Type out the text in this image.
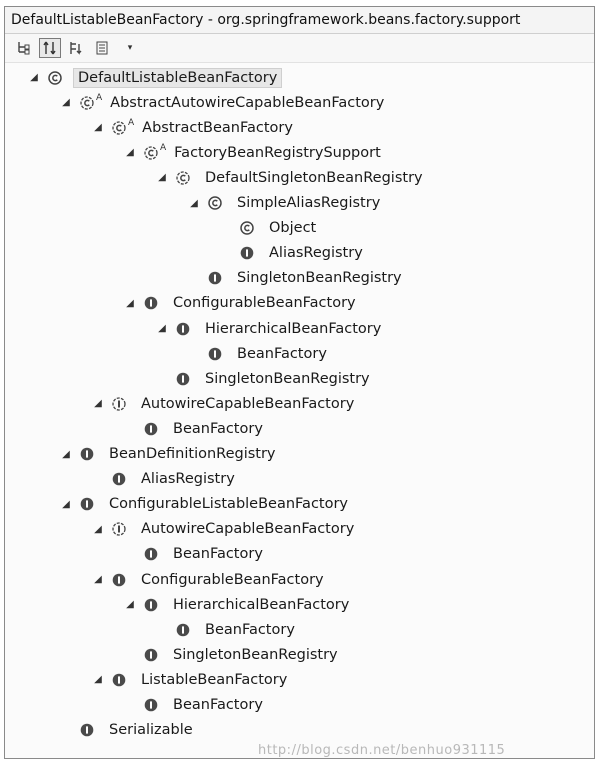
DefaultListableBeanFactory - org.springframework.beans.factory.support
▾
◢	DefaultListableBeanFactory
◢	A AbstractAutowireCapableBeanFactory
◢	A AbstractBeanFactory
◢	A FactoryBeanRegistrySupport
◢	DefaultSingletonBeanRegistry
◢	SimpleAliasRegistry
Object
AliasRegistry
SingletonBeanRegistry
◢	ConfigurableBeanFactory
◢	HierarchicalBeanFactory
BeanFactory
SingletonBeanRegistry
◢	AutowireCapableBeanFactory
BeanFactory
◢	BeanDefinitionRegistry
AliasRegistry
◢	ConfigurableListableBeanFactory
◢	AutowireCapableBeanFactory
BeanFactory
◢	ConfigurableBeanFactory
◢	HierarchicalBeanFactory
BeanFactory
SingletonBeanRegistry
◢	ListableBeanFactory
BeanFactory
Serializable
http://blog.csdn.net/benhuo931115
